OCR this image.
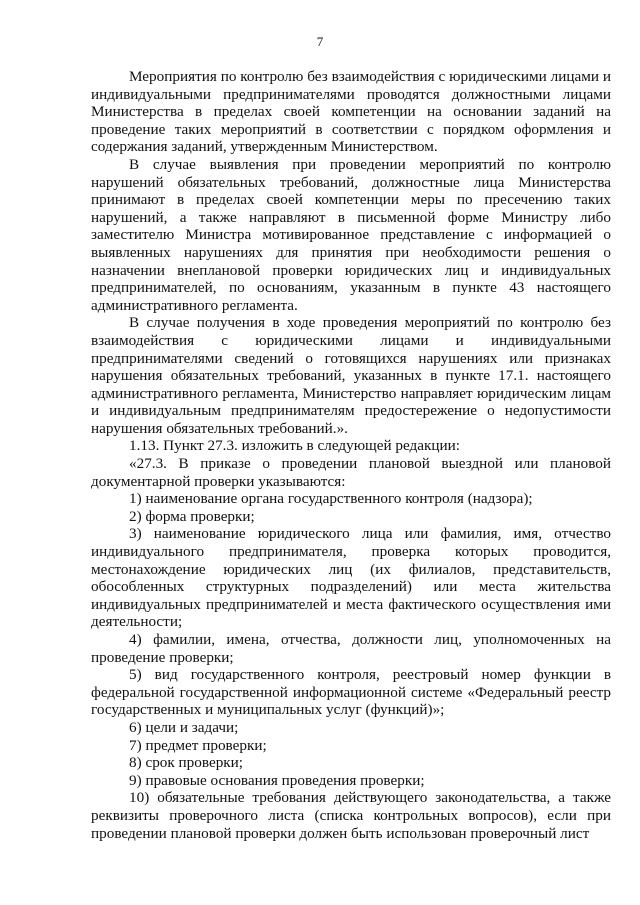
7

Мероприятия по контролю без взаимодействия с юридическими лицами и индивидуальными предпринимателями проводятся должностными лицами Министерства в пределах своей компетенции на основании заданий на проведение таких мероприятий в соответствии с порядком оформления и содержания заданий, утвержденным Министерством.

В случае выявления при проведении мероприятий по контролю нарушений обязательных требований, должностные лица Министерства принимают в пределах своей компетенции меры по пресечению таких нарушений, а также направляют в письменной форме Министру либо заместителю Министра мотивированное представление с информацией о выявленных нарушениях для принятия при необходимости решения о назначении внеплановой проверки юридических лиц и индивидуальных предпринимателей, по основаниям, указанным в пункте 43 настоящего административного регламента.

В случае получения в ходе проведения мероприятий по контролю без взаимодействия с юридическими лицами и индивидуальными предпринимателями сведений о готовящихся нарушениях или признаках нарушения обязательных требований, указанных в пункте 17.1. настоящего административного регламента, Министерство направляет юридическим лицам и индивидуальным предпринимателям предостережение о недопустимости нарушения обязательных требований.».

1.13. Пункт 27.3. изложить в следующей редакции:

«27.3. В приказе о проведении плановой выездной или плановой документарной проверки указываются:

1) наименование органа государственного контроля (надзора);

2) форма проверки;

3) наименование юридического лица или фамилия, имя, отчество индивидуального предпринимателя, проверка которых проводится, местонахождение юридических лиц (их филиалов, представительств, обособленных структурных подразделений) или места жительства индивидуальных предпринимателей и места фактического осуществления ими деятельности;

4) фамилии, имена, отчества, должности лиц, уполномоченных на проведение проверки;

5) вид государственного контроля, реестровый номер функции в федеральной государственной информационной системе «Федеральный реестр государственных и муниципальных услуг (функций)»;

6) цели и задачи;

7) предмет проверки;

8) срок проверки;

9) правовые основания проведения проверки;

10) обязательные требования действующего законодательства, а также реквизиты проверочного листа (списка контрольных вопросов), если при проведении плановой проверки должен быть использован проверочный лист
